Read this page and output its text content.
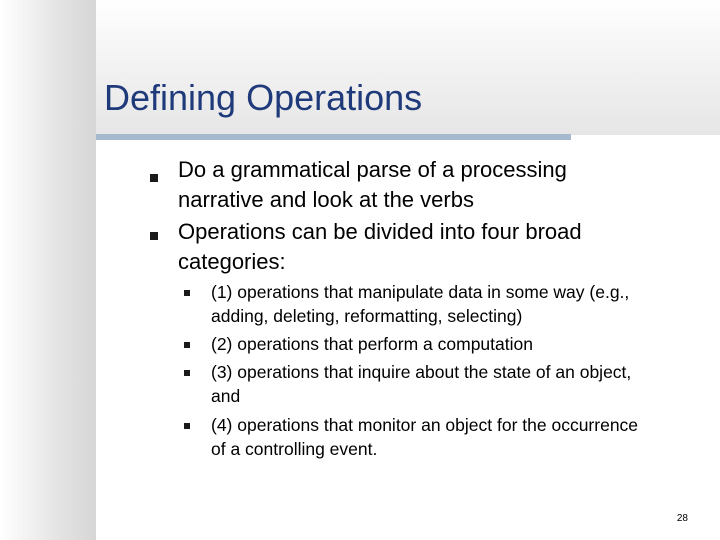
Defining Operations
Do a grammatical parse of a processing narrative and look at the verbs
Operations can be divided into four broad categories:
(1) operations that manipulate data in some way (e.g., adding, deleting, reformatting, selecting)
(2) operations that perform a computation
(3) operations that inquire about the state of an object, and
(4) operations that monitor an object for the occurrence of a controlling event.
28
